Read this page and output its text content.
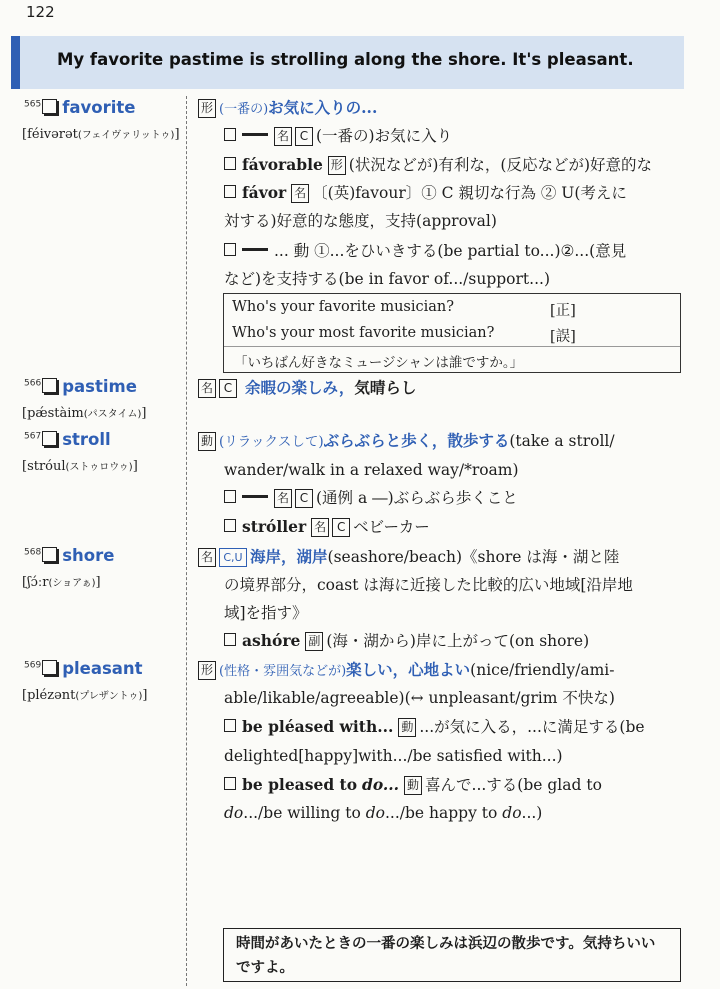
122
My favorite pastime is strolling along the shore. It's pleasant.
$^{565}$ favorite
[féivərət(フェイヴァリットゥ)]
$^{566}$ pastime
[pǽstàim(パスタイム)]
$^{567}$ stroll
[stróul(ストゥロウゥ)]
$^{568}$ shore
[ʃɔ́ːr(ショアぁ)]
$^{569}$ pleasant
[plézənt(プレザントゥ)]
形 (一番の)お気に入りの...
名 C (一番の)お気に入り
fávorable 形 (状況などが)有利な，(反応などが)好意的な
fávor 名 〔(英)favour〕① C 親切な行為 ② U(考えに
対する)好意的な態度，支持(approval)
... 動 ①...をひいきする(be partial to...)②...(意見
など)を支持する(be in favor of.../support...)
Who's your favorite musician?	[正]
Who's your most favorite musician?	[誤]
「いちばん好きなミュージシャンは誰ですか。」
名 C 余暇の楽しみ，気晴らし
動 (リラックスして)ぶらぶらと歩く，散歩する(take a stroll/
wander/walk in a relaxed way/*roam)
名 C (通例 a ―)ぶらぶら歩くこと
stróller 名 C ベビーカー
名 C,U 海岸，湖岸(seashore/beach)《shore は海・湖と陸
の境界部分，coast は海に近接した比較的広い地域[沿岸地
域]を指す》
ashóre 副 (海・湖から)岸に上がって(on shore)
形 (性格・雰囲気などが)楽しい，心地よい(nice/friendly/ami-
able/likable/agreeable)(↔ unpleasant/grim 不快な)
be pléased with... 動 ...が気に入る，...に満足する(be
delighted[happy]with.../be satisfied with...)
be pleased to do... 動 喜んで...する(be glad to
do.../be willing to do.../be happy to do...)
時間があいたときの一番の楽しみは浜辺の散歩です。気持ちいいですよ。
